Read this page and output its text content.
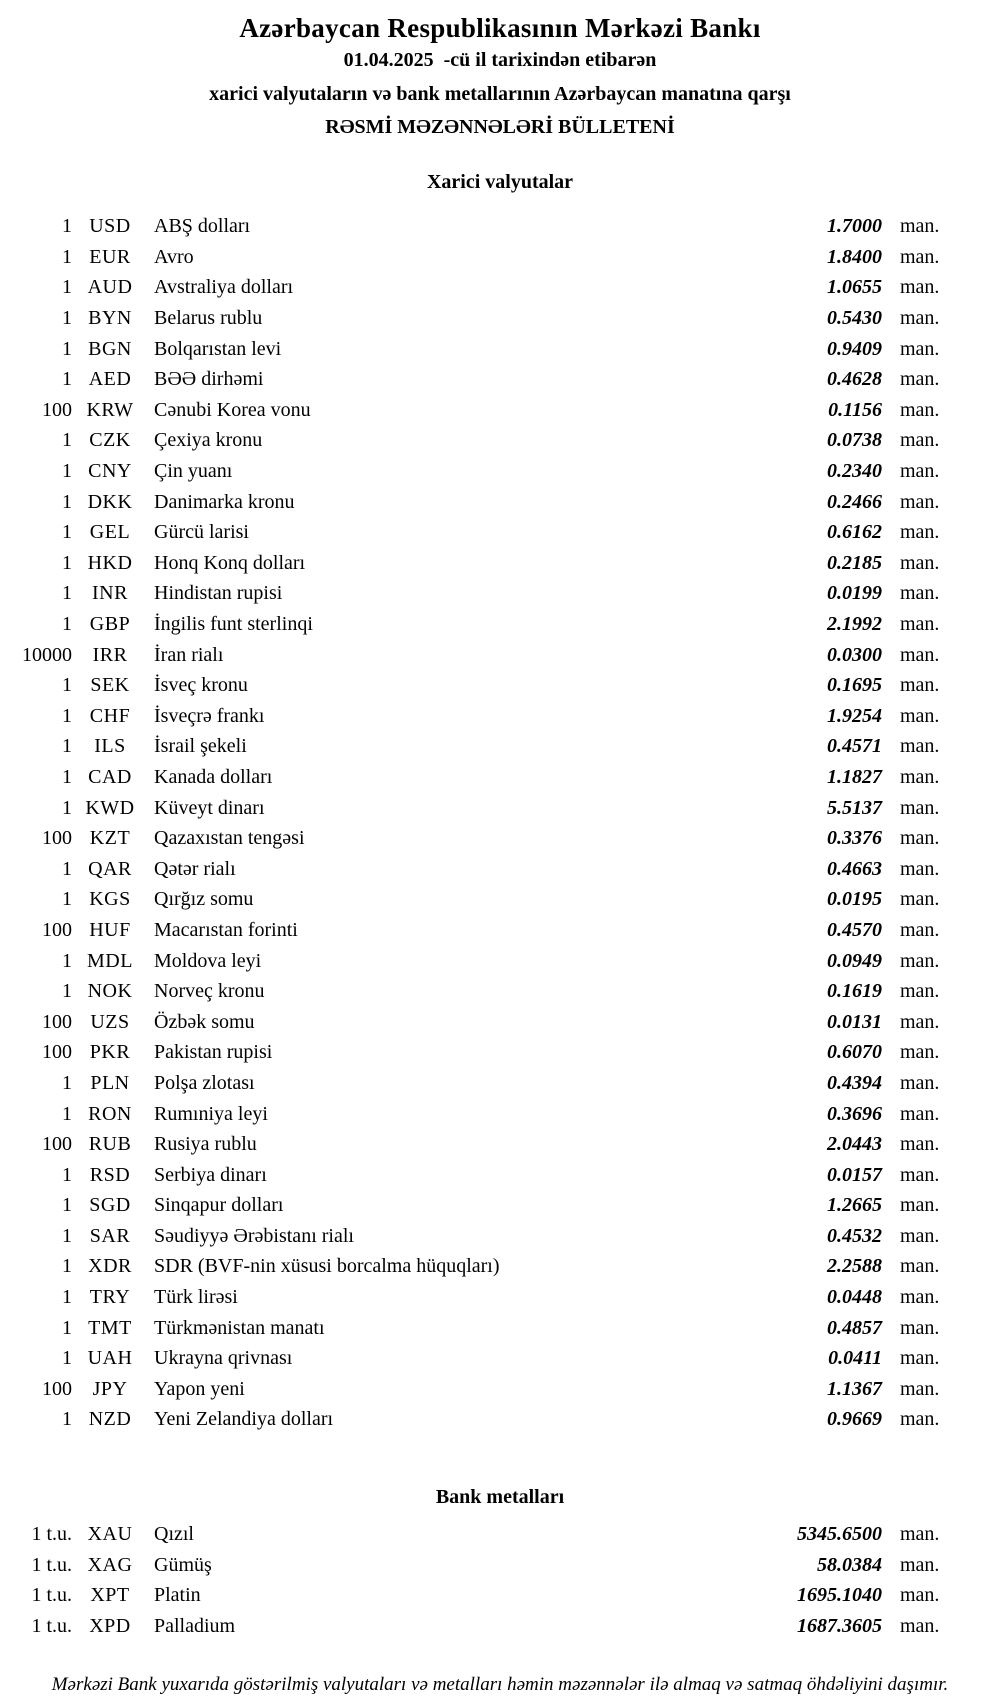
Azərbaycan Respublikasının Mərkəzi Bankı
01.04.2025  -cü il tarixindən etibarən
xarici valyutaların və bank metallarının Azərbaycan manatına qarşı
RƏSMİ MƏZƏNNƏLƏRİ BÜLLETENİ
Xarici valyutalar
1 USD	ABŞ dolları	1.7000 man.
1 EUR	Avro	1.8400 man.
1 AUD	Avstraliya dolları	1.0655 man.
1 BYN	Belarus rublu	0.5430 man.
1 BGN	Bolqarıstan levi	0.9409 man.
1 AED	BƏƏ dirhəmi	0.4628 man.
100 KRW	Cənubi Korea vonu	0.1156 man.
1 CZK	Çexiya kronu	0.0738 man.
1 CNY	Çin yuanı	0.2340 man.
1 DKK	Danimarka kronu	0.2466 man.
1 GEL	Gürcü larisi	0.6162 man.
1 HKD	Honq Konq dolları	0.2185 man.
1	INR	Hindistan rupisi	0.0199 man.
1 GBP	İngilis funt sterlinqi	2.1992 man.
10000	IRR	İran rialı	0.0300 man.
1 SEK	İsveç kronu	0.1695 man.
1 CHF	İsveçrə frankı	1.9254 man.
1	ILS	İsrail şekeli	0.4571 man.
1 CAD	Kanada dolları	1.1827 man.
1 KWD Küveyt dinarı	5.5137 man.
100 KZT	Qazaxıstan tengəsi	0.3376 man.
1 QAR	Qətər rialı	0.4663 man.
1 KGS	Qırğız somu	0.0195 man.
100 HUF	Macarıstan forinti	0.4570 man.
1 MDL	Moldova leyi	0.0949 man.
1 NOK	Norveç kronu	0.1619 man.
100 UZS	Özbək somu	0.0131 man.
100 PKR	Pakistan rupisi	0.6070 man.
1 PLN	Polşa zlotası	0.4394 man.
1 RON	Rumıniya leyi	0.3696 man.
100 RUB	Rusiya rublu	2.0443 man.
1 RSD	Serbiya dinarı	0.0157 man.
1 SGD	Sinqapur dolları	1.2665 man.
1 SAR	Səudiyyə Ərəbistanı rialı	0.4532 man.
1 XDR	SDR (BVF-nin xüsusi borcalma hüquqları)	2.2588 man.
1 TRY	Türk lirəsi	0.0448 man.
1 TMT	Türkmənistan manatı	0.4857 man.
1 UAH	Ukrayna qrivnası	0.0411 man.
100	JPY	Yapon yeni	1.1367 man.
1 NZD	Yeni Zelandiya dolları	0.9669 man.
Bank metalları
1 t.u. XAU	Qızıl	5345.6500 man.
1 t.u. XAG	Gümüş	58.0384 man.
1 t.u. XPT	Platin	1695.1040 man.
1 t.u. XPD	Palladium	1687.3605 man.
Mərkəzi Bank yuxarıda göstərilmiş valyutaları və metalları həmin məzənnələr ilə almaq və satmaq öhdəliyini daşımır.
